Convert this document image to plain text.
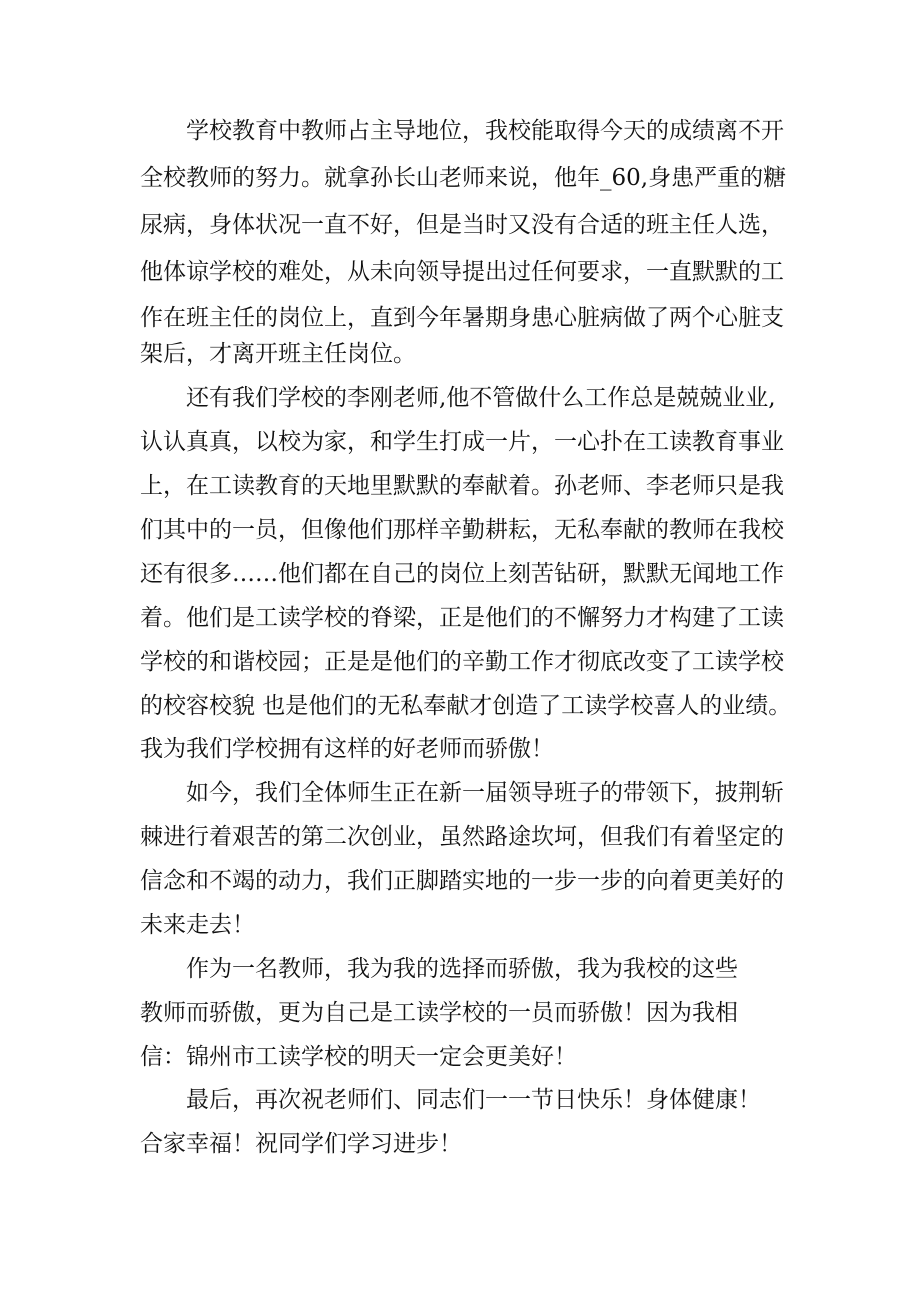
学校教育中教师占主导地位，我校能取得今天的成绩离不开
全校教师的努力。就拿孙长山老师来说，他年_60,身患严重的糖
尿病，身体状况一直不好，但是当时又没有合适的班主任人选，
他体谅学校的难处，从未向领导提出过任何要求，一直默默的工
作在班主任的岗位上，直到今年暑期身患心脏病做了两个心脏支
架后，才离开班主任岗位。
还有我们学校的李刚老师,他不管做什么工作总是兢兢业业,
认认真真，以校为家，和学生打成一片，一心扑在工读教育事业
上，在工读教育的天地里默默的奉献着。孙老师、李老师只是我
们其中的一员，但像他们那样辛勤耕耘，无私奉献的教师在我校
还有很多……他们都在自己的岗位上刻苦钻研，默默无闻地工作
着。他们是工读学校的脊梁，正是他们的不懈努力才构建了工读
学校的和谐校园；正是是他们的辛勤工作才彻底改变了工读学校
的校容校貌 也是他们的无私奉献才创造了工读学校喜人的业绩。
我为我们学校拥有这样的好老师而骄傲！
如今，我们全体师生正在新一届领导班子的带领下，披荆斩
棘进行着艰苦的第二次创业，虽然路途坎坷，但我们有着坚定的
信念和不竭的动力，我们正脚踏实地的一步一步的向着更美好的
未来走去！
作为一名教师，我为我的选择而骄傲，我为我校的这些
教师而骄傲，更为自己是工读学校的一员而骄傲！因为我相
信：锦州市工读学校的明天一定会更美好！
最后，再次祝老师们、同志们一一节日快乐！身体健康！
合家幸福！祝同学们学习进步！
